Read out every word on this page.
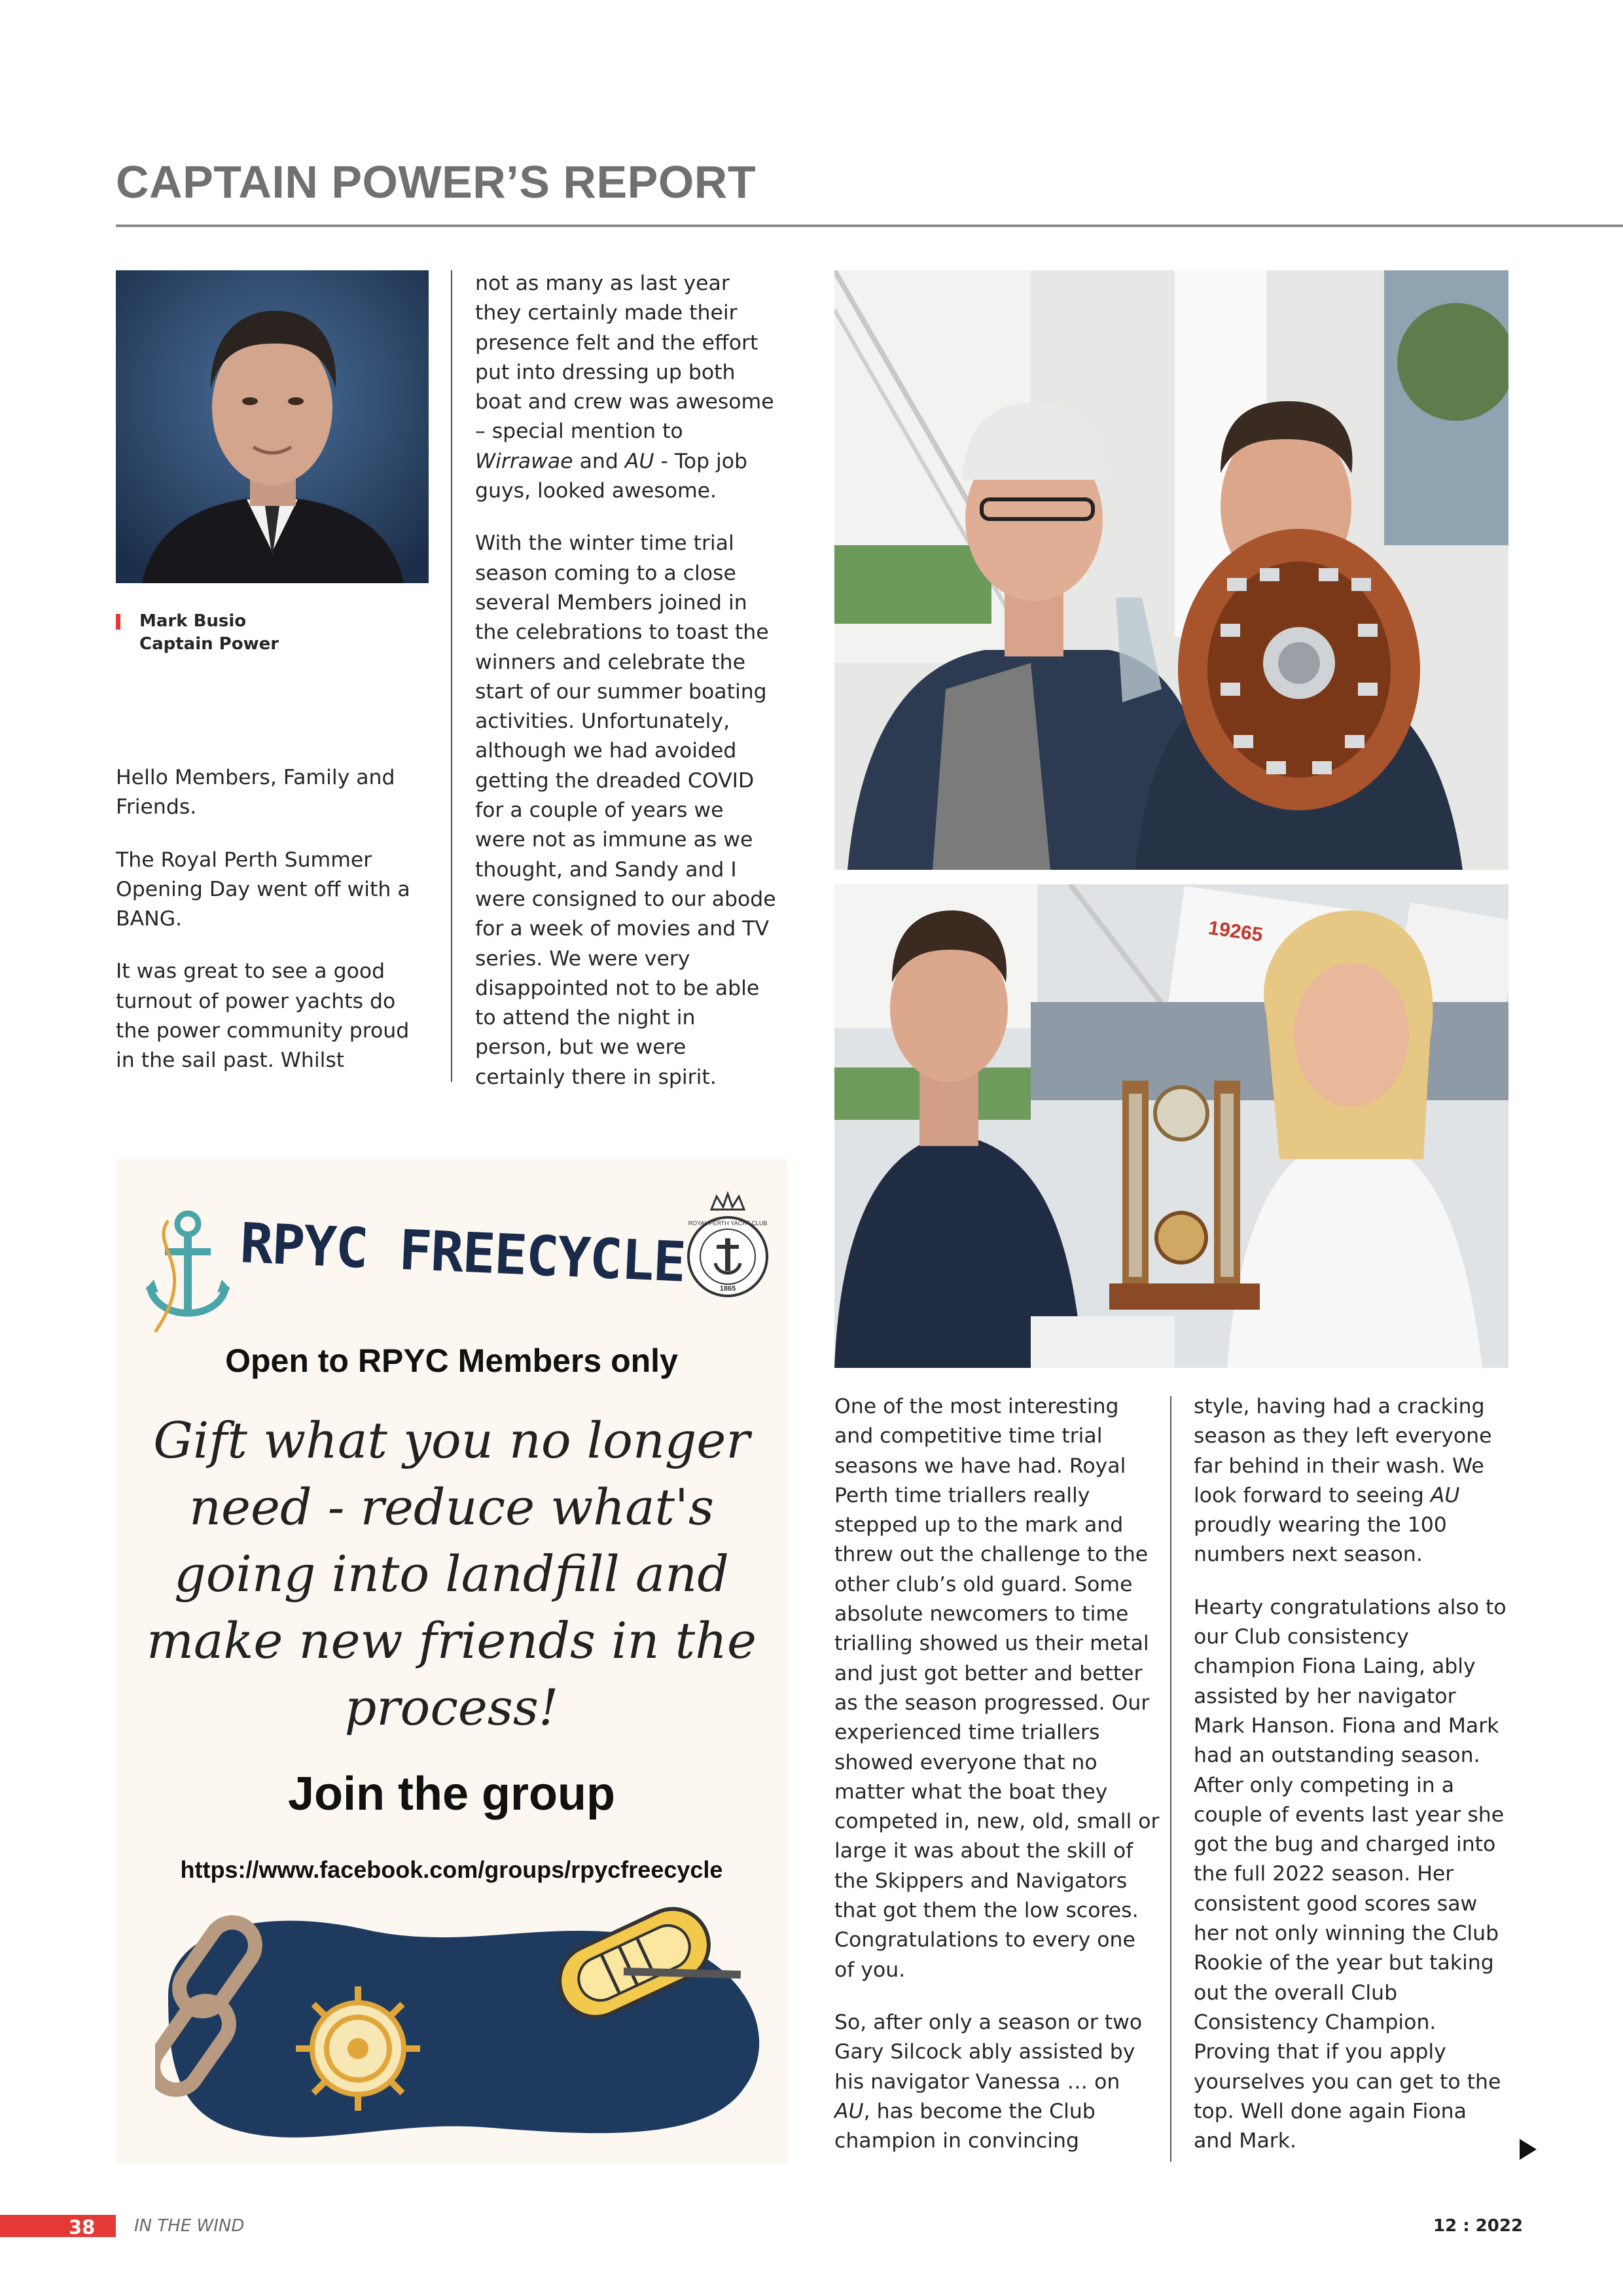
CAPTAIN POWER’S REPORT
Mark Busio
Captain Power

Hello Members, Family and Friends.

The Royal Perth Summer Opening Day went off with a BANG.

It was great to see a good turnout of power yachts do the power community proud in the sail past. Whilst

not as many as last year they certainly made their presence felt and the effort put into dressing up both boat and crew was awesome – special mention to Wirrawae and AU - Top job guys, looked awesome.

With the winter time trial season coming to a close several Members joined in the celebrations to toast the winners and celebrate the start of our summer boating activities. Unfortunately, although we had avoided getting the dreaded COVID for a couple of years we were not as immune as we thought, and Sandy and I were consigned to our abode for a week of movies and TV series. We were very disappointed not to be able to attend the night in person, but we were certainly there in spirit.

19265

One of the most interesting and competitive time trial seasons we have had. Royal Perth time triallers really stepped up to the mark and threw out the challenge to the other club’s old guard. Some absolute newcomers to time trialling showed us their metal and just got better and better as the season progressed. Our experienced time triallers showed everyone that no matter what the boat they competed in, new, old, small or large it was about the skill of the Skippers and Navigators that got them the low scores. Congratulations to every one of you.

So, after only a season or two Gary Silcock ably assisted by his navigator Vanessa … on AU, has become the Club champion in convincing

style, having had a cracking season as they left everyone far behind in their wash. We look forward to seeing AU proudly wearing the 100 numbers next season.

Hearty congratulations also to our Club consistency champion Fiona Laing, ably assisted by her navigator Mark Hanson. Fiona and Mark had an outstanding season. After only competing in a couple of events last year she got the bug and charged into the full 2022 season. Her consistent good scores saw her not only winning the Club Rookie of the year but taking out the overall Club Consistency Champion. Proving that if you apply yourselves you can get to the top. Well done again Fiona and Mark.

RPYC FREECYCLE ROYAL PERTH YACHT CLUB
1865
Open to RPYC Members only
Gift what you no longer
need - reduce what's
going into landfill and
make new friends in the
process!
Join the group
https://www.facebook.com/groups/rpycfreecycle
38 IN THE WIND	12 : 2022
